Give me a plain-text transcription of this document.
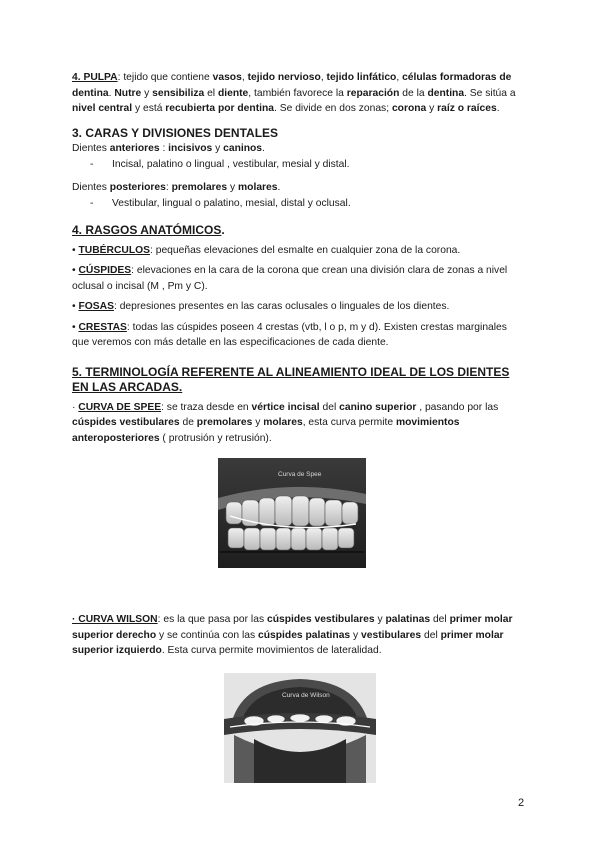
4. PULPA: tejido que contiene vasos, tejido nervioso, tejido linfático, células formadoras de dentina. Nutre y sensibiliza el diente, también favorece la reparación de la dentina. Se sitúa a nivel central y está recubierta por dentina. Se divide en dos zonas; corona y raíz o raíces.

3. CARAS Y DIVISIONES DENTALES

Dientes anteriores : incisivos y caninos.

-	Incisal, palatino o lingual , vestibular, mesial y distal.

Dientes posteriores: premolares y molares.

-	Vestibular, lingual o palatino, mesial, distal y oclusal.

4. RASGOS ANATÓMICOS.

• TUBÉRCULOS: pequeñas elevaciones del esmalte en cualquier zona de la corona.

• CÚSPIDES: elevaciones en la cara de la corona que crean una división clara de zonas a nivel oclusal o incisal (M , Pm y C).

• FOSAS: depresiones presentes en las caras oclusales o linguales de los dientes.

• CRESTAS: todas las cúspides poseen 4 crestas (vtb, l o p, m y d). Existen crestas marginales que veremos con más detalle en las especificaciones de cada diente.

5. TERMINOLOGÍA REFERENTE AL ALINEAMIENTO IDEAL DE LOS DIENTES EN LAS ARCADAS.

· CURVA DE SPEE: se traza desde en vértice incisal del canino superior , pasando por las cúspides vestibulares de premolares y molares, esta curva permite movimientos anteroposteriores ( protrusión y retrusión).

Curva de Spee

· CURVA WILSON: es la que pasa por las cúspides vestibulares y palatinas del primer molar superior derecho y se continúa con las cúspides palatinas y vestibulares del primer molar superior izquierdo. Esta curva permite movimientos de lateralidad.

Curva de Wilson
2
